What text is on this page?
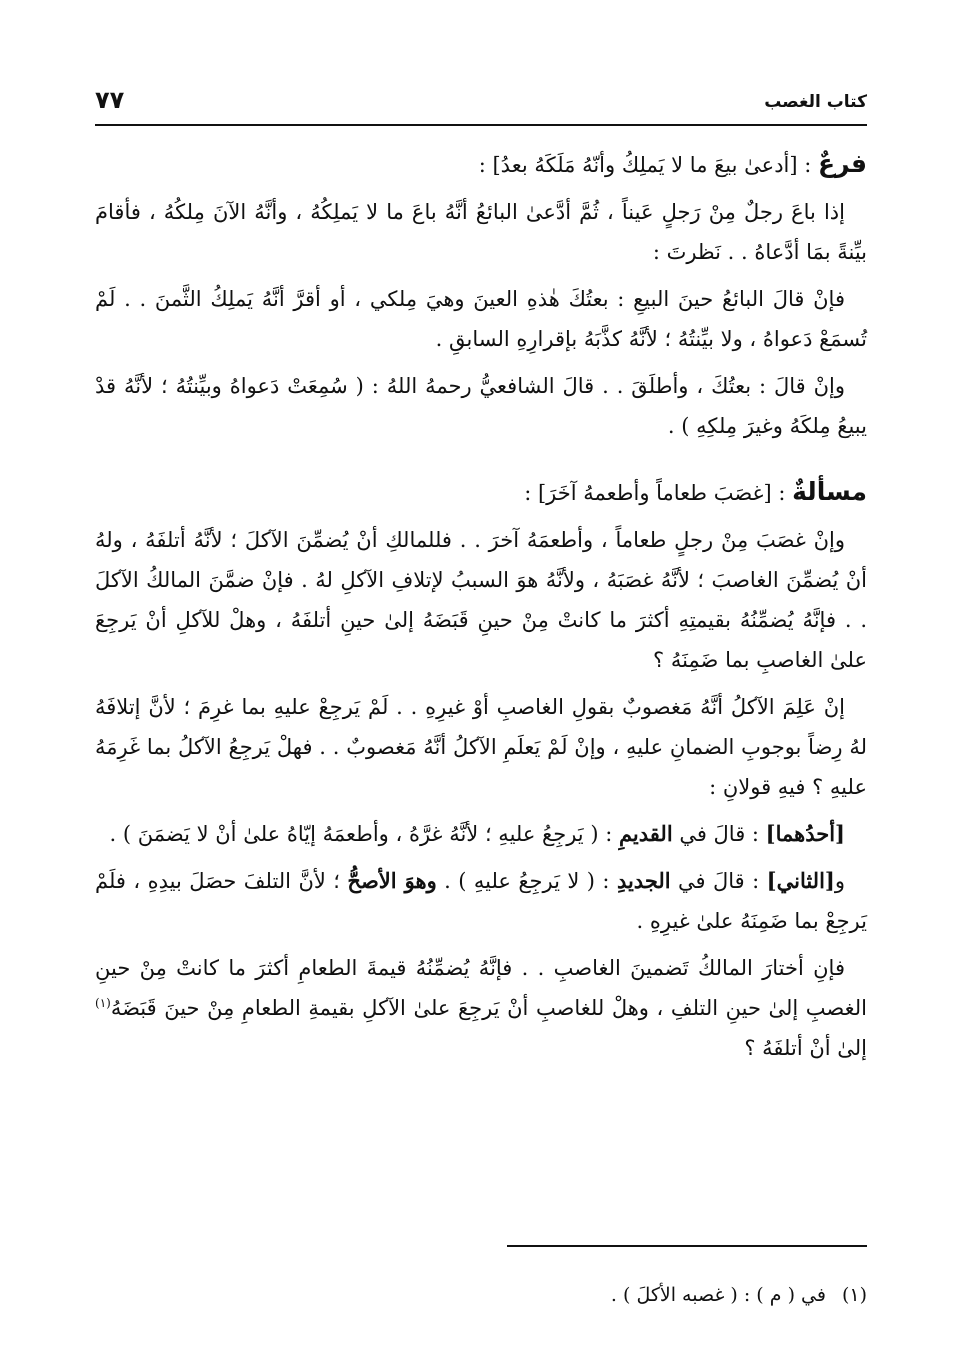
كتاب الغصب
٧٧

فرعٌ : [أدعىٰ بيعَ ما لا يَملِكُ وأنّهُ مَلَكَهُ بعدُ] :

إذا باعَ رجلٌ مِنْ رَجلٍ عَيناً ، ثُمَّ أدَّعىٰ البائعُ أنَّهُ باعَ ما لا يَملِكُهُ ، وأنَّهُ الآنَ مِلكُهُ ، فأقامَ بيِّنةً بمَا أدَّعاهُ . . نَظرتَ :

فإنْ قالَ البائعُ حينَ البيعِ : بعتُكَ هٰذهِ العينَ وهيَ مِلكي ، أو أقرَّ أنَّهُ يَملِكُ الثَّمنَ . . لَمْ تُسمَعْ دَعواهُ ، ولا بيِّنتُهُ ؛ لأنَّهُ كذَّبَهُ بإقرارِهِ السابقِ .

وإنْ قالَ : بعتُكَ ، وأطلَقَ . . قالَ الشافعيُّ رحمهُ اللهُ : ( سُمِعَتْ دَعواهُ وبيِّنتُهُ ؛ لأنَّهُ قدْ يبيعُ مِلكَهُ وغيرَ مِلكِهِ ) .

مسألةٌ : [غصَبَ طعاماً وأطعمهُ آخَرَ] :

وإنْ غصَبَ مِنْ رجلٍ طعاماً ، وأطعمَهُ آخرَ . . فللمالكِ أنْ يُضمِّنَ الآكلَ ؛ لأنَّهُ أتلفَهُ ، ولهُ أنْ يُضمِّنَ الغاصبَ ؛ لأنَّهُ غصَبَهُ ، ولأنَّهُ هوَ السببُ لإتلافِ الآكلِ لهُ . فإنْ ضمَّنَ المالكُ الآكلَ . . فإنَّهُ يُضمِّنُهُ بقيمتِهِ أكثرَ ما كانتْ مِنْ حينِ قَبَضَهُ إلىٰ حينِ أتلفَهُ ، وهلْ للآكلِ أنْ يَرجِعَ علىٰ الغاصبِ بما ضَمِنَهُ ؟

إنْ عَلِمَ الآكلُ أنَّهُ مَغصوبٌ بقولِ الغاصبِ أوْ غيرِهِ . . لَمْ يَرجِعْ عليهِ بما غرِمَ ؛ لأنَّ إتلافَهُ لهُ رِضاً بوجوبِ الضمانِ عليهِ ، وإنْ لَمْ يَعلَمِ الآكلُ أنَّهُ مَغصوبٌ . . فهلْ يَرجِعُ الآكلُ بما غَرِمَهُ عليهِ ؟ فيهِ قولانِ :

[أحدُهما] : قالَ في القديمِ : ( يَرجِعُ عليهِ ؛ لأنَّهُ غرَّهُ ، وأطعمَهُ إيّاهُ علىٰ أنْ لا يَضمَنَ ) .

و[الثاني] : قالَ في الجديدِ : ( لا يَرجِعُ عليهِ ) . وهوَ الأصحُّ ؛ لأنَّ التلفَ حصَلَ بيدِهِ ، فلَمْ يَرجِعْ بما ضَمِنَهُ علىٰ غيرِهِ .

فإنِ أختارَ المالكُ تَضمينَ الغاصبِ . . فإنَّهُ يُضمِّنُهُ قيمةَ الطعامِ أكثرَ ما كانتْ مِنْ حينِ الغصبِ إلىٰ حينِ التلفِ ، وهلْ للغاصبِ أنْ يَرجِعَ علىٰ الآكلِ بقيمةِ الطعامِ مِنْ حينَ قَبَضَهُ$^{(١)}$ إلىٰ أنْ أتلفَهُ ؟

(١)في ( م ) : ( غصبه الأكلَ ) .
